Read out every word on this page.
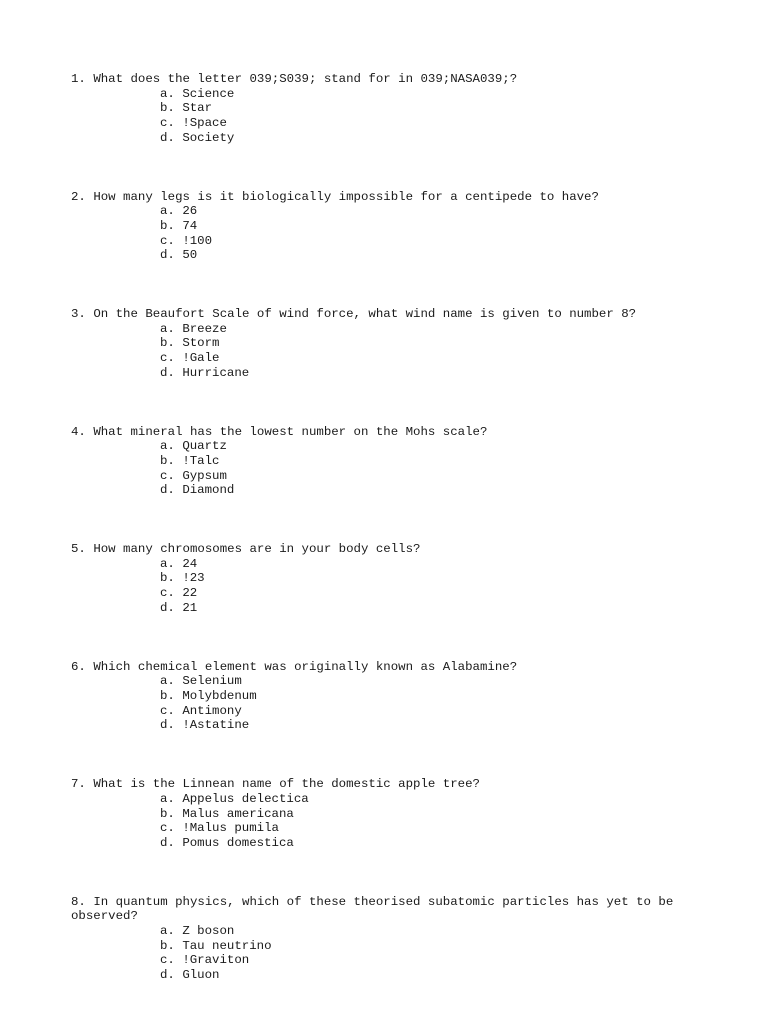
1. What does the letter 039;S039; stand for in 039;NASA039;?

a. Science
b. Star
c. !Space
d. Society

2. How many legs is it biologically impossible for a centipede to have?

a. 26
b. 74
c. !100
d. 50

3. On the Beaufort Scale of wind force, what wind name is given to number 8?

a. Breeze
b. Storm
c. !Gale
d. Hurricane

4. What mineral has the lowest number on the Mohs scale?

a. Quartz
b. !Talc
c. Gypsum
d. Diamond

5. How many chromosomes are in your body cells?

a. 24
b. !23
c. 22
d. 21

6. Which chemical element was originally known as Alabamine?

a. Selenium
b. Molybdenum
c. Antimony
d. !Astatine

7. What is the Linnean name of the domestic apple tree?

a. Appelus delectica
b. Malus americana
c. !Malus pumila
d. Pomus domestica

8. In quantum physics, which of these theorised subatomic particles has yet to be observed?

a. Z boson
b. Tau neutrino
c. !Graviton
d. Gluon
